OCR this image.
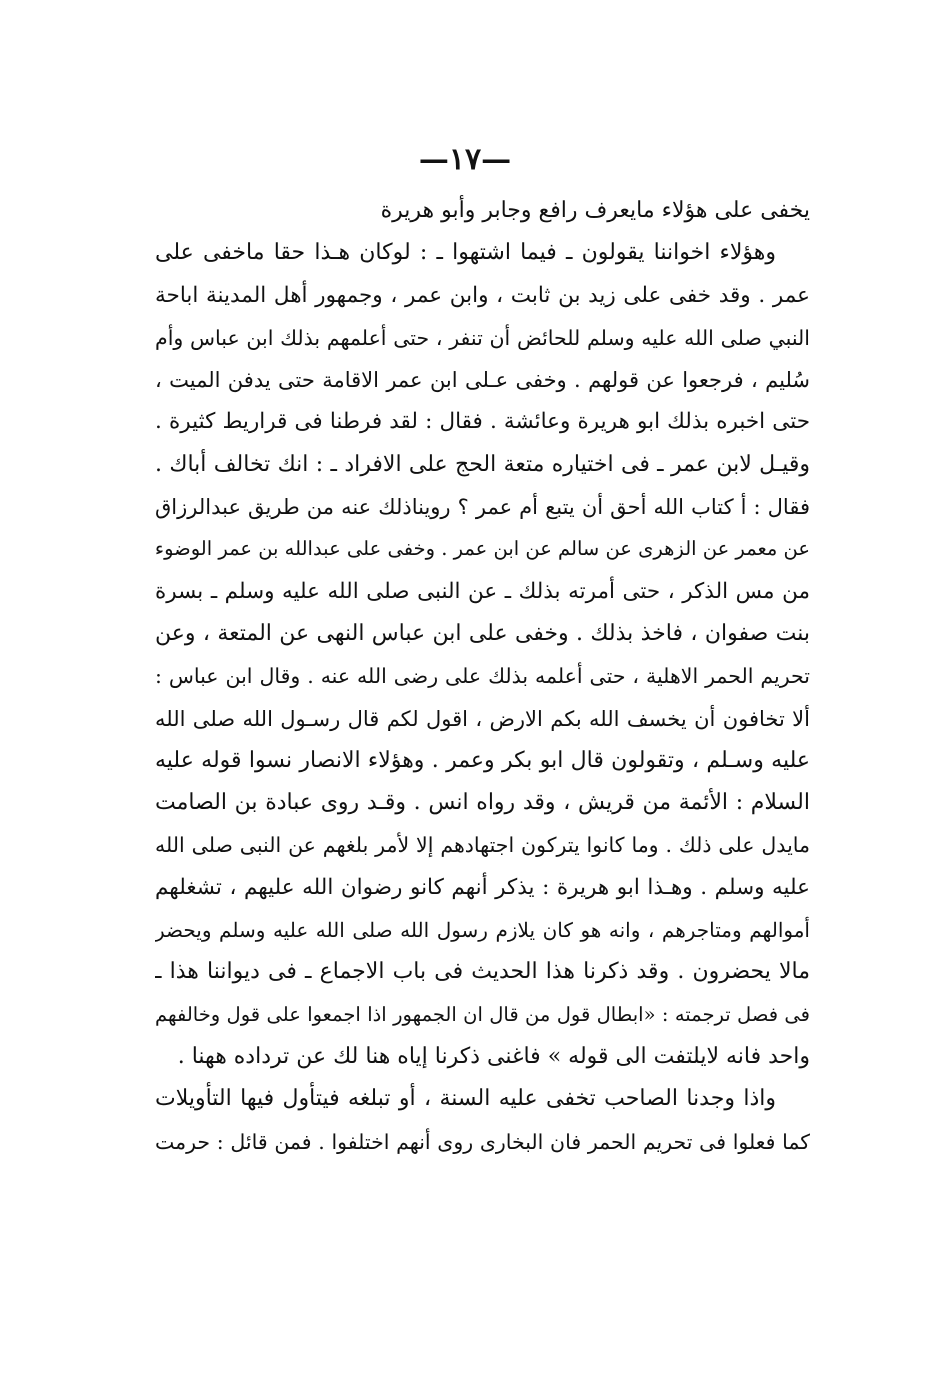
—١٧—
يخفى على هؤلاء مايعرف رافع وجابر وأبو هريرة
وهؤلاء اخواننا يقولون ـ فيما اشتهوا ـ : لوكان هـذا حقا ماخفى على
عمر . وقد خفى على زيد بن ثابت ، وابن عمر ، وجمهور أهل المدينة اباحة
النبي صلى الله عليه وسلم للحائض أن تنفر ، حتى أعلمهم بذلك ابن عباس وأم
سُليم ، فرجعوا عن قولهم . وخفى عـلى ابن عمر الاقامة حتى يدفن الميت ،
حتى اخبره بذلك ابو هريرة وعائشة . فقال : لقد فرطنا فى قراريط كثيرة .
وقيـل لابن عمر ـ فى اختياره متعة الحج على الافراد ـ : انك تخالف أباك .
فقال : أ كتاب الله أحق أن يتبع أم عمر ؟ رويناذلك عنه من طريق عبدالرزاق
عن معمر عن الزهرى عن سالم عن ابن عمر . وخفى على عبدالله بن عمر الوضوء
من مس الذكر ، حتى أمرته بذلك ـ عن النبى صلى الله عليه وسلم ـ بسرة
بنت صفوان ، فاخذ بذلك . وخفى على ابن عباس النهى عن المتعة ، وعن
تحريم الحمر الاهلية ، حتى أعلمه بذلك على رضى الله عنه . وقال ابن عباس :
ألا تخافون أن يخسف الله بكم الارض ، اقول لكم قال رسـول الله صلى الله
عليه وسـلم ، وتقولون قال ابو بكر وعمر . وهؤلاء الانصار نسوا قوله عليه
السلام : الأئمة من قريش ، وقد رواه انس . وقـد روى عبادة بن الصامت
مايدل على ذلك . وما كانوا يتركون اجتهادهم إلا لأمر بلغهم عن النبى صلى الله
عليه وسلم . وهـذا ابو هريرة : يذكر أنهم كانو رضوان الله عليهم ، تشغلهم
أموالهم ومتاجرهم ، وانه هو كان يلازم رسول الله صلى الله عليه وسلم ويحضر
مالا يحضرون . وقد ذكرنا هذا الحديث فى باب الاجماع ـ فى ديواننا هذا ـ
فى فصل ترجمته : «ابطال قول من قال ان الجمهور اذا اجمعوا على قول وخالفهم
واحد فانه لايلتفت الى قوله » فاغنى ذكرنا إياه هنا لك عن ترداده ههنا .
واذا وجدنا الصاحب تخفى عليه السنة ، أو تبلغه فيتأول فيها التأويلات
كما فعلوا فى تحريم الحمر فان البخارى روى أنهم اختلفوا . فمن قائل : حرمت
